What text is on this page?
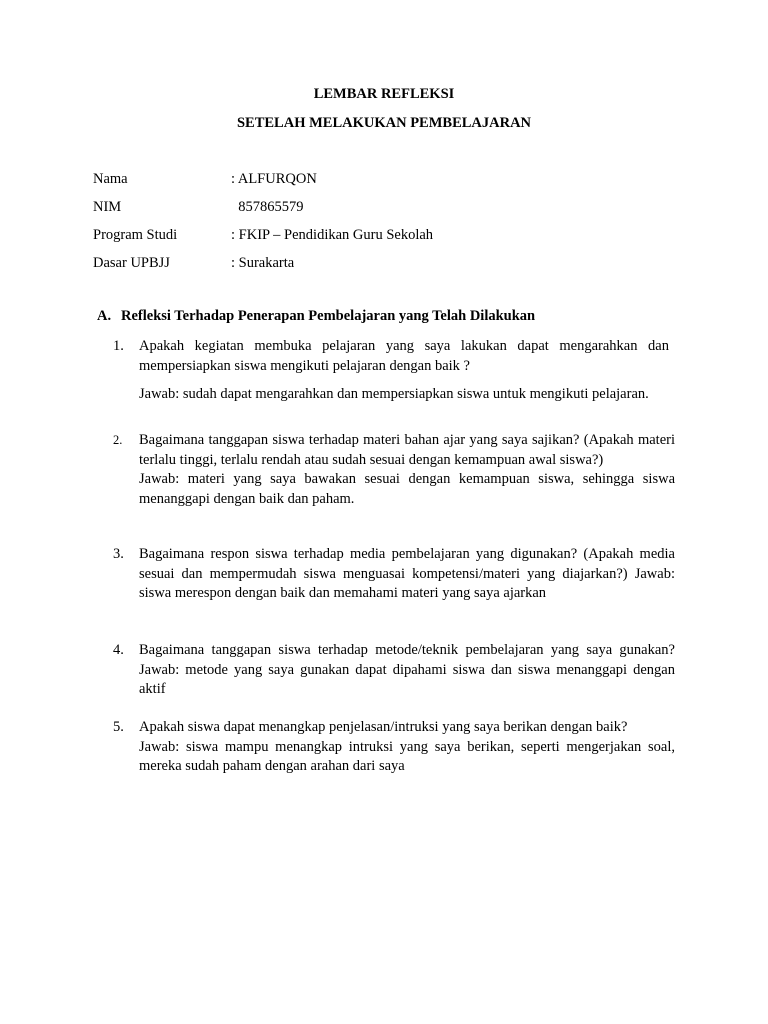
LEMBAR REFLEKSI
SETELAH MELAKUKAN PEMBELAJARAN
Nama	: ALFURQON
NIM	857865579
Program Studi	: FKIP – Pendidikan Guru Sekolah
Dasar UPBJJ	: Surakarta
A. Refleksi Terhadap Penerapan Pembelajaran yang Telah Dilakukan
1.	Apakah kegiatan membuka pelajaran yang saya lakukan dapat mengarahkan dan mempersiapkan siswa mengikuti pelajaran dengan baik ?

Jawab: sudah dapat mengarahkan dan mempersiapkan siswa untuk mengikuti pelajaran.

2.	Bagaimana tanggapan siswa terhadap materi bahan ajar yang saya sajikan? (Apakah materi terlalu tinggi, terlalu rendah atau sudah sesuai dengan kemampuan awal siswa?)

Jawab: materi yang saya bawakan sesuai dengan kemampuan siswa, sehingga siswa menanggapi dengan baik dan paham.

3.	Bagaimana respon siswa terhadap media pembelajaran yang digunakan? (Apakah media sesuai dan mempermudah siswa menguasai kompetensi/materi yang diajarkan?) Jawab: siswa merespon dengan baik dan memahami materi yang saya ajarkan

4.	Bagaimana tanggapan siswa terhadap metode/teknik pembelajaran yang saya gunakan? Jawab: metode yang saya gunakan dapat dipahami siswa dan siswa menanggapi dengan aktif

5.	Apakah siswa dapat menangkap penjelasan/intruksi yang saya berikan dengan baik?

Jawab: siswa mampu menangkap intruksi yang saya berikan, seperti mengerjakan soal, mereka sudah paham dengan arahan dari saya
